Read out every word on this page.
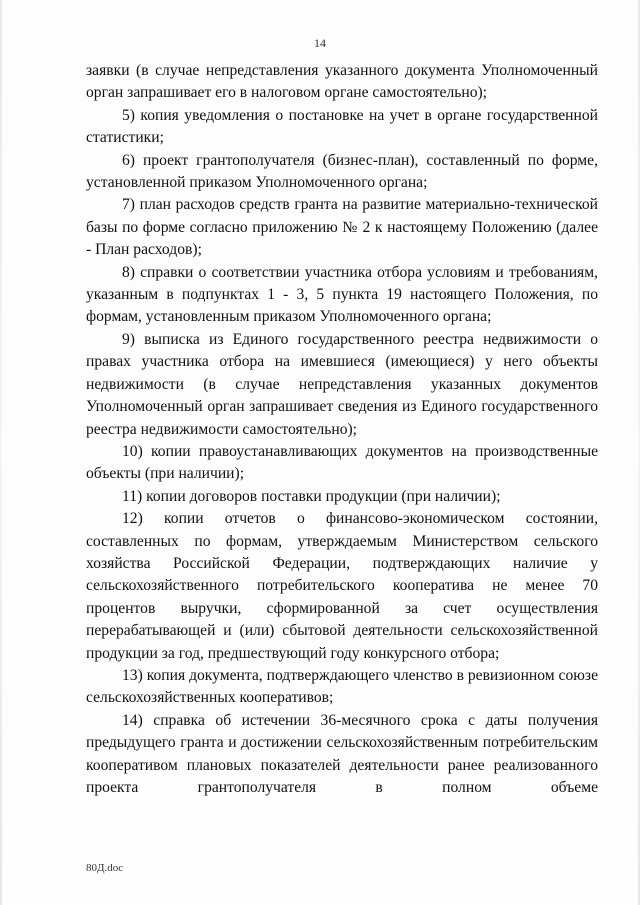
14

заявки (в случае непредставления указанного документа Уполномоченный орган запрашивает его в налоговом органе самостоятельно);

5) копия уведомления о постановке на учет в органе государственной статистики;

6) проект грантополучателя (бизнес-план), составленный по форме, установленной приказом Уполномоченного органа;

7) план расходов средств гранта на развитие материально-технической базы по форме согласно приложению № 2 к настоящему Положению (далее - План расходов);

8) справки о соответствии участника отбора условиям и требованиям, указанным в подпунктах 1 - 3, 5 пункта 19 настоящего Положения, по формам, установленным приказом Уполномоченного органа;

9) выписка из Единого государственного реестра недвижимости о правах участника отбора на имевшиеся (имеющиеся) у него объекты недвижимости (в случае непредставления указанных документов Уполномоченный орган запрашивает сведения из Единого государственного реестра недвижимости самостоятельно);

10) копии правоустанавливающих документов на производственные объекты (при наличии);

11) копии договоров поставки продукции (при наличии);

12) копии отчетов о финансово-экономическом состоянии, составленных по формам, утверждаемым Министерством сельского хозяйства Российской Федерации, подтверждающих наличие у сельскохозяйственного потребительского кооператива не менее 70 процентов выручки, сформированной за счет осуществления перерабатывающей и (или) сбытовой деятельности сельскохозяйственной продукции за год, предшествующий году конкурсного отбора;

13) копия документа, подтверждающего членство в ревизионном союзе сельскохозяйственных кооперативов;

14) справка об истечении 36-месячного срока с даты получения предыдущего гранта и достижении сельскохозяйственным потребительским кооперативом плановых показателей деятельности ранее реализованного проекта грантополучателя в полном объеме

80Д.doc
